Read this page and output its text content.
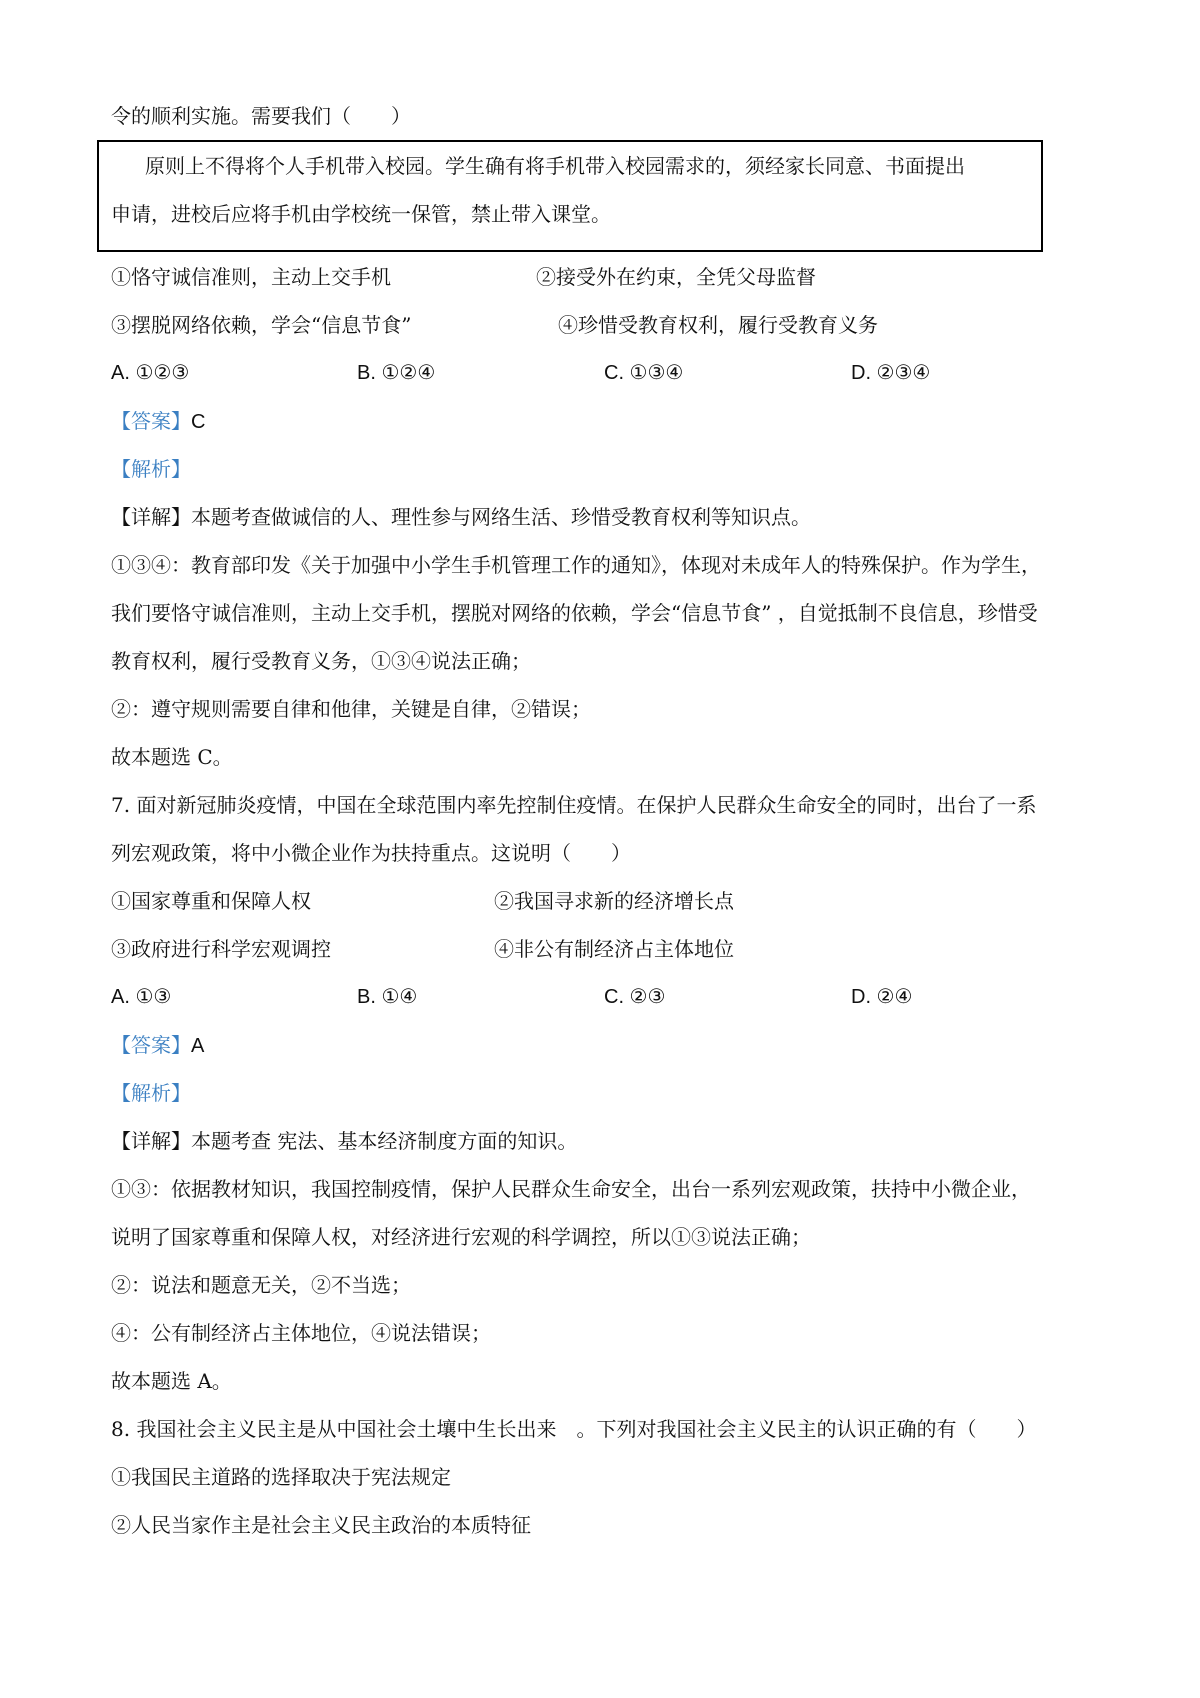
令的顺利实施。需要我们（　　）
原则上不得将个人手机带入校园。学生确有将手机带入校园需求的，须经家长同意、书面提出
申请，进校后应将手机由学校统一保管，禁止带入课堂。
①恪守诚信准则，主动上交手机	②接受外在约束，全凭父母监督
③摆脱网络依赖，学会“信息节食”	④珍惜受教育权利，履行受教育义务
A. ①②③	B. ①②④	C. ①③④	D. ②③④
【答案】C
【解析】
【详解】本题考查做诚信的人、理性参与网络生活、珍惜受教育权利等知识点。
①③④：教育部印发《关于加强中小学生手机管理工作的通知》，体现对未成年人的特殊保护。作为学生，
我们要恪守诚信准则，主动上交手机，摆脱对网络的依赖，学会“信息节食” ，自觉抵制不良信息，珍惜受
教育权利，履行受教育义务，①③④说法正确；
②：遵守规则需要自律和他律，关键是自律，②错误；
故本题选 C。
7. 面对新冠肺炎疫情，中国在全球范围内率先控制住疫情。在保护人民群众生命安全的同时，出台了一系
列宏观政策，将中小微企业作为扶持重点。这说明（　　）
①国家尊重和保障人权	②我国寻求新的经济增长点
③政府进行科学宏观调控	④非公有制经济占主体地位
A. ①③	B. ①④	C. ②③	D. ②④
【答案】A
【解析】
【详解】本题考查 宪法、基本经济制度方面的知识。
①③：依据教材知识，我国控制疫情，保护人民群众生命安全，出台一系列宏观政策，扶持中小微企业，
说明了国家尊重和保障人权，对经济进行宏观的科学调控，所以①③说法正确；
②：说法和题意无关，②不当选；
④：公有制经济占主体地位，④说法错误；
故本题选 A。
8. 我国社会主义民主是从中国社会土壤中生长出来　。下列对我国社会主义民主的认识正确的有（　　）
①我国民主道路的选择取决于宪法规定
②人民当家作主是社会主义民主政治的本质特征
